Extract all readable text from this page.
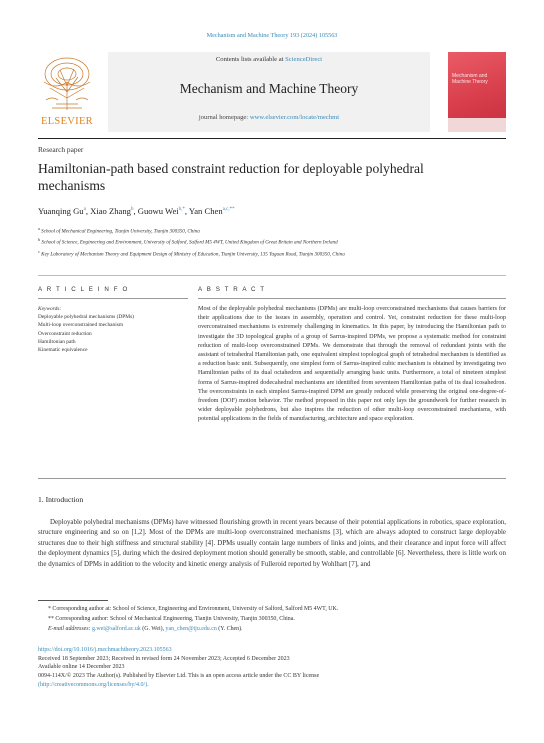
Mechanism and Machine Theory 193 (2024) 105563
ELSEVIER
Contents lists available at ScienceDirect
Mechanism and Machine Theory
journal homepage: www.elsevier.com/locate/mechmt
Mechanism and Machine Theory
Research paper
Hamiltonian-path based constraint reduction for deployable polyhedral mechanisms
Yuanqing Gu$^a$, Xiao Zhang$^b$, Guowu Wei$^{b,*}$, Yan Chen$^{a,c,**}$
$^a$ School of Mechanical Engineering, Tianjin University, Tianjin 300350, China
$^b$ School of Science, Engineering and Environment, University of Salford, Salford M5 4WT, United Kingdom of Great Britain and Northern Ireland
$^c$ Key Laboratory of Mechanism Theory and Equipment Design of Ministry of Education, Tianjin University, 135 Yaguan Road, Tianjin 300350, China
A R T I C L E I N F O	A B S T R A C T
Keywords:
Deployable polyhedral mechanisms (DPMs)
Multi-loop overconstrained mechanism
Overconstraint reduction
Hamiltonian path
Kinematic equivalence
Most of the deployable polyhedral mechanisms (DPMs) are multi-loop overconstrained mechanisms that causes barriers for their applications due to the issues in assembly, operation and control. Yet, constraint reduction for these multi-loop overconstrained mechanisms is extremely challenging in kinematics. In this paper, by introducing the Hamiltonian path to investigate the 3D topological graphs of a group of Sarrus-inspired DPMs, we propose a systematic method for constraint reduction of multi-loop overconstrained DPMs. We demonstrate that through the removal of redundant joints with the assistant of tetrahedral Hamiltonian path, one equivalent simplest topological graph of tetrahedral mechanism is identified as a reduction basic unit. Subsequently, one simplest form of Sarrus-inspired cubic mechanism is obtained by investigating two Hamiltonian paths of its dual octahedron and sequentially arranging basic units. Furthermore, a total of nineteen simplest forms of Sarrus-inspired dodecahedral mechanisms are identified from seventeen Hamiltonian paths of its dual icosahedron. The overconstraints in each simplest Sarrus-inspired DPM are greatly reduced while preserving the original one-degree-of-freedom (DOF) motion behavior. The method proposed in this paper not only lays the groundwork for further research in wider deployable polyhedrons, but also inspires the reduction of other multi-loop overconstrained mechanisms, with potential applications in the fields of manufacturing, architecture and space exploration.
1. Introduction
Deployable polyhedral mechanisms (DPMs) have witnessed flourishing growth in recent years because of their potential applications in robotics, space exploration, structure engineering and so on [1,2]. Most of the DPMs are multi-loop overconstrained mechanisms [3], which are always adopted to construct large deployable structures due to their high stiffness and structural stability [4]. DPMs usually contain large numbers of links and joints, and their clearance and input force will affect the deployment dynamics [5], during which the desired deployment motion should generally be smooth, stable, and controllable [6]. Nevertheless, there is little work on the dynamics of DPMs in addition to the velocity and kinetic energy analysis of Fulleroid reported by Wohlhart [7], and
* Corresponding author at: School of Science, Engineering and Environment, University of Salford, Salford M5 4WT, UK.
** Corresponding author: School of Mechanical Engineering, Tianjin University, Tianjin 300350, China.
E-mail addresses: g.wei@salford.ac.uk (G. Wei), yan_chen@tju.edu.cn (Y. Chen).
https://doi.org/10.1016/j.mechmachtheory.2023.105563
Received 18 September 2023; Received in revised form 24 November 2023; Accepted 6 December 2023
Available online 14 December 2023
0094-114X/© 2023 The Author(s). Published by Elsevier Ltd. This is an open access article under the CC BY license
(http://creativecommons.org/licenses/by/4.0/).
